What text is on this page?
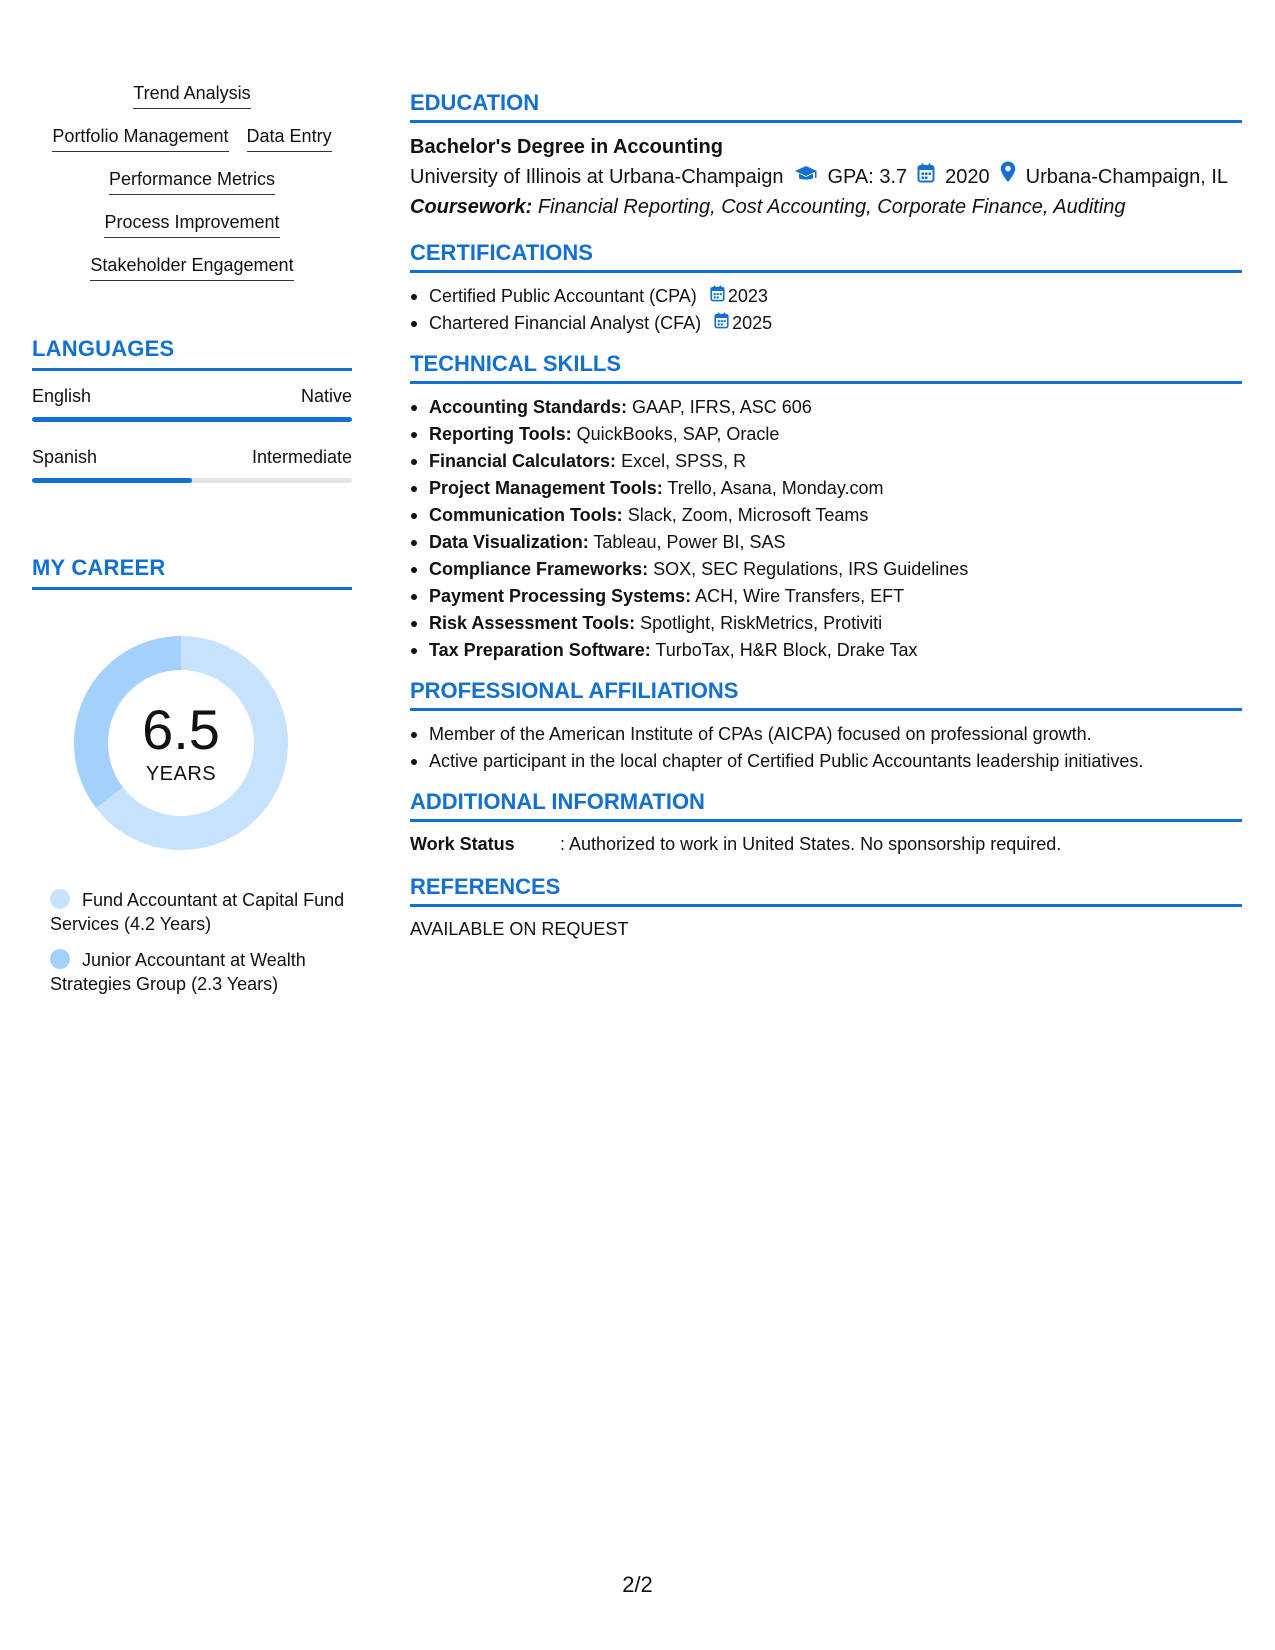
Trend Analysis
Portfolio Management Data Entry
Performance Metrics
Process Improvement
Stakeholder Engagement
LANGUAGES
English	Native
Spanish	Intermediate
MY CAREER
6.5
YEARS
Fund Accountant at Capital Fund Services (4.2 Years)
Junior Accountant at Wealth Strategies Group (2.3 Years)
EDUCATION
Bachelor's Degree in Accounting
University of Illinois at Urbana-Champaign GPA: 3.7 2020 Urbana-Champaign, IL
Coursework: Financial Reporting, Cost Accounting, Corporate Finance, Auditing
CERTIFICATIONS
Certified Public Accountant (CPA) 2023
Chartered Financial Analyst (CFA) 2025
TECHNICAL SKILLS
Accounting Standards: GAAP, IFRS, ASC 606
Reporting Tools: QuickBooks, SAP, Oracle
Financial Calculators: Excel, SPSS, R
Project Management Tools: Trello, Asana, Monday.com
Communication Tools: Slack, Zoom, Microsoft Teams
Data Visualization: Tableau, Power BI, SAS
Compliance Frameworks: SOX, SEC Regulations, IRS Guidelines
Payment Processing Systems: ACH, Wire Transfers, EFT
Risk Assessment Tools: Spotlight, RiskMetrics, Protiviti
Tax Preparation Software: TurboTax, H&R Block, Drake Tax
PROFESSIONAL AFFILIATIONS
Member of the American Institute of CPAs (AICPA) focused on professional growth.
Active participant in the local chapter of Certified Public Accountants leadership initiatives.
ADDITIONAL INFORMATION
Work Status	: Authorized to work in United States. No sponsorship required.
REFERENCES
AVAILABLE ON REQUEST
2/2
